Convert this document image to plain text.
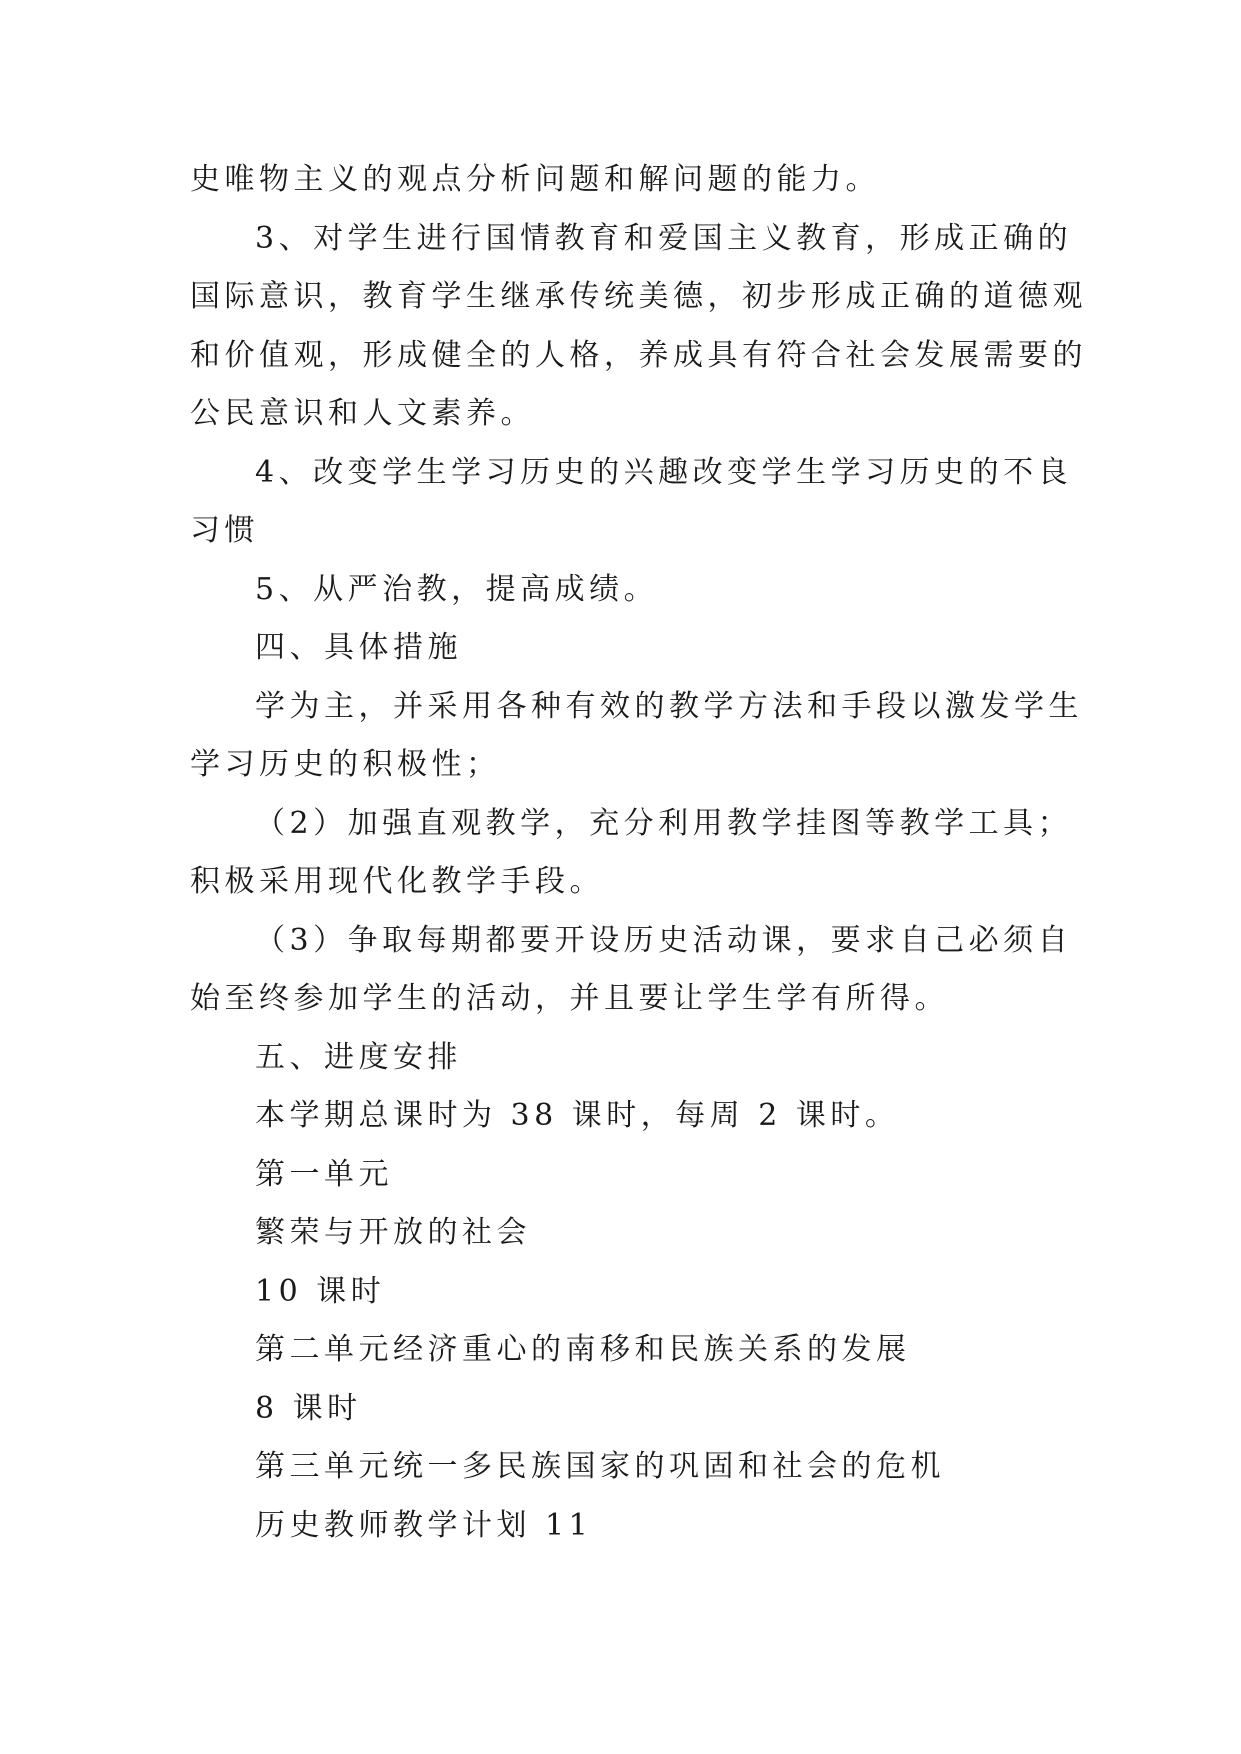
史唯物主义的观点分析问题和解问题的能力。
3、对学生进行国情教育和爱国主义教育，形成正确的
国际意识，教育学生继承传统美德，初步形成正确的道德观
和价值观，形成健全的人格，养成具有符合社会发展需要的
公民意识和人文素养。
4、改变学生学习历史的兴趣改变学生学习历史的不良
习惯
5、从严治教，提高成绩。
四、具体措施
学为主，并采用各种有效的教学方法和手段以激发学生
学习历史的积极性；
（2）加强直观教学，充分利用教学挂图等教学工具；
积极采用现代化教学手段。
（3）争取每期都要开设历史活动课，要求自己必须自
始至终参加学生的活动，并且要让学生学有所得。
五、进度安排
本学期总课时为 38 课时，每周 2 课时。
第一单元
繁荣与开放的社会
10 课时
第二单元经济重心的南移和民族关系的发展
8 课时
第三单元统一多民族国家的巩固和社会的危机
历史教师教学计划 11
